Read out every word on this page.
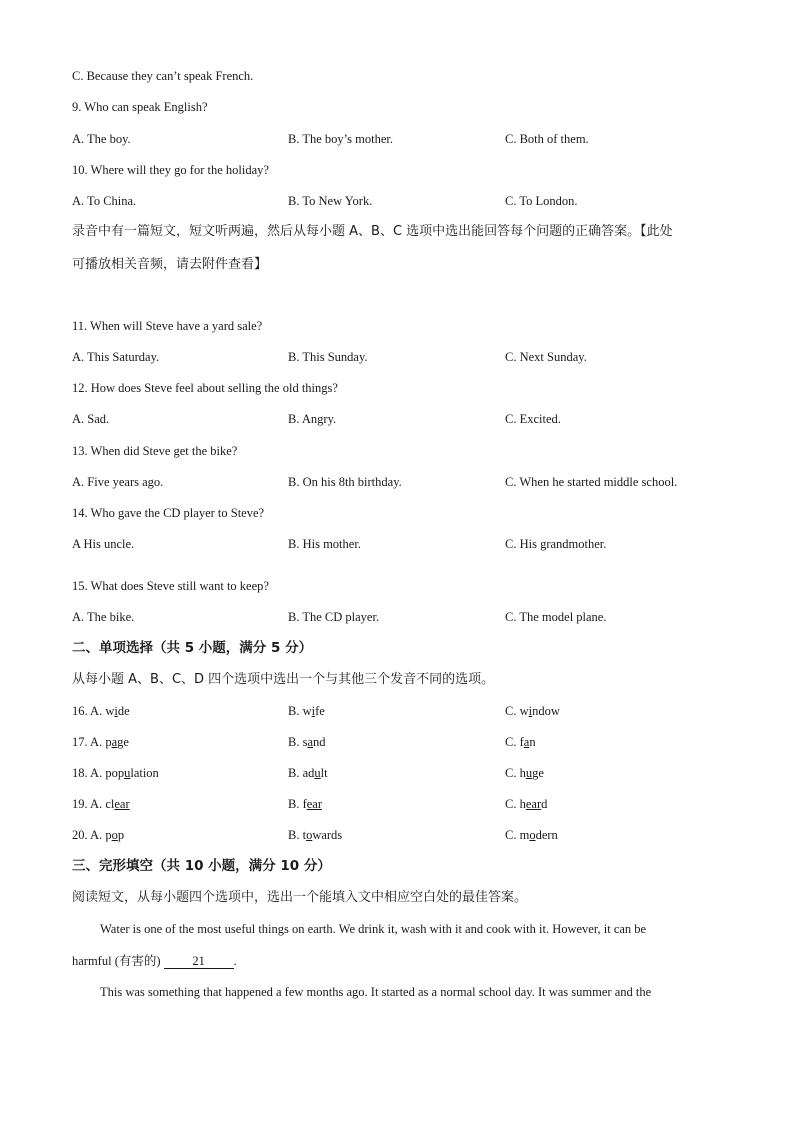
C. Because they can’t speak French.
9. Who can speak English?
A. The boy.	B. The boy’s mother.	C. Both of them.
10. Where will they go for the holiday?
A. To China.	B. To New York.	C. To London.
录音中有一篇短文，短文听两遍，然后从每小题 A、B、C 选项中选出能回答每个问题的正确答案。【此处
可播放相关音频，请去附件查看】
11. When will Steve have a yard sale?
A. This Saturday.	B. This Sunday.	C. Next Sunday.
12. How does Steve feel about selling the old things?
A. Sad.	B. Angry.	C. Excited.
13. When did Steve get the bike?
A. Five years ago.	B. On his 8th birthday.	C. When he started middle school.
14. Who gave the CD player to Steve?
A His uncle.	B. His mother.	C. His grandmother.
15. What does Steve still want to keep?
A. The bike.	B. The CD player.	C. The model plane.
二、单项选择（共 5 小题，满分 5 分）
从每小题 A、B、C、D 四个选项中选出一个与其他三个发音不同的选项。
16. A. wide	B. wife	C. window
17. A. page	B. sand	C. fan
18. A. population	B. adult	C. huge
19. A. clear	B. fear	C. heard
20. A. pop	B. towards	C. modern
三、完形填空（共 10 小题，满分 10 分）
阅读短文，从每小题四个选项中，选出一个能填入文中相应空白处的最佳答案。
Water is one of the most useful things on earth. We drink it, wash with it and cook with it. However, it can be
harmful (有害的)	21 .
This was something that happened a few months ago. It started as a normal school day. It was summer and the
